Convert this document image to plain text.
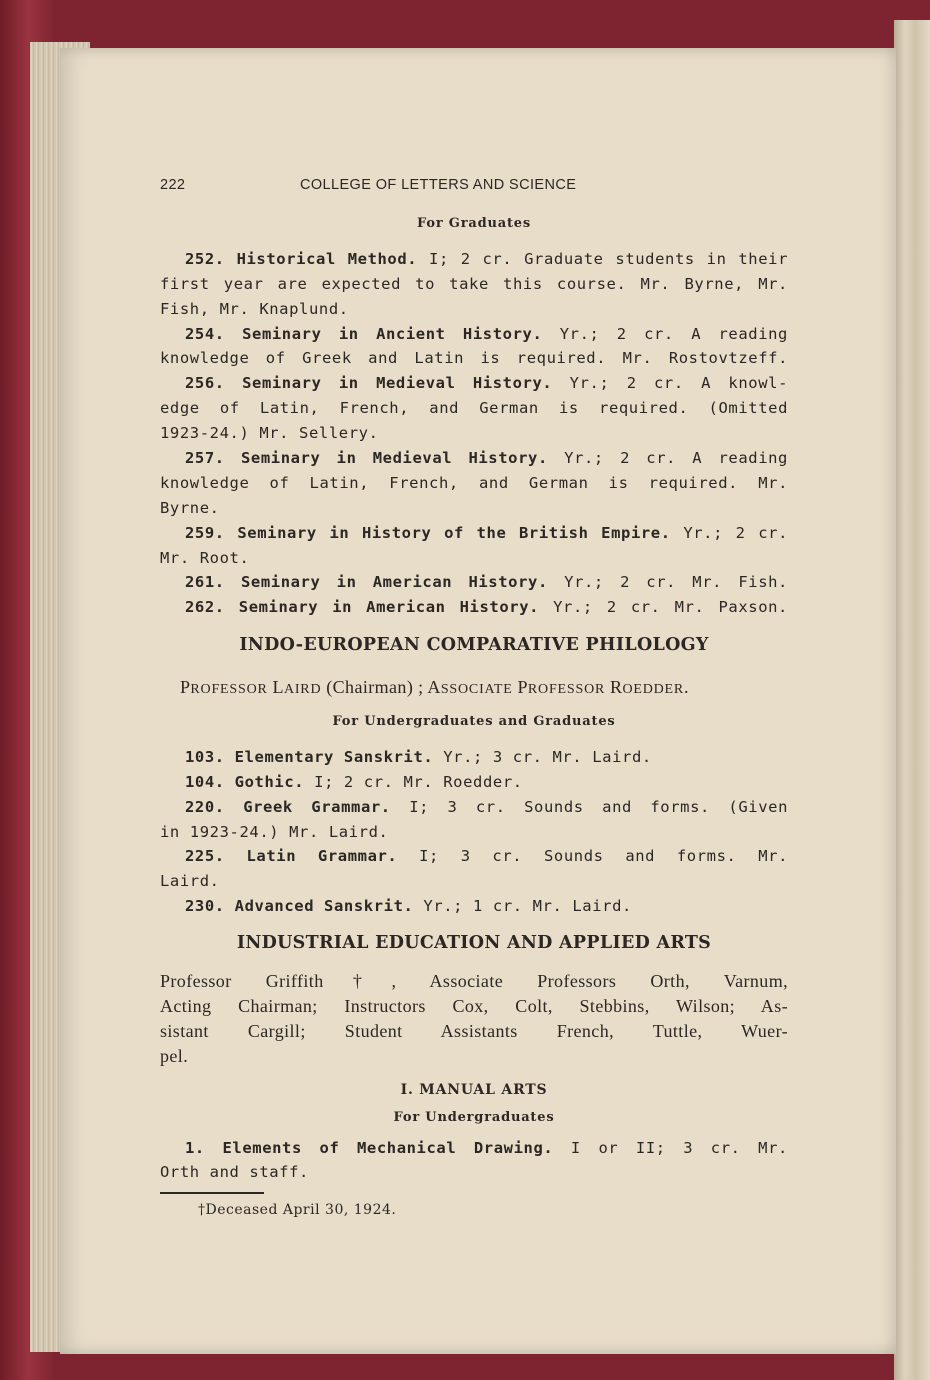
222	COLLEGE OF LETTERS AND SCIENCE
For Graduates
252. Historical Method. I; 2 cr. Graduate students in their
first year are expected to take this course. Mr. Byrne, Mr.
Fish, Mr. Knaplund.
254. Seminary in Ancient History. Yr.; 2 cr. A reading
knowledge of Greek and Latin is required. Mr. Rostovtzeff.
256. Seminary in Medieval History. Yr.; 2 cr. A knowl-
edge of Latin, French, and German is required. (Omitted
1923-24.) Mr. Sellery.
257. Seminary in Medieval History. Yr.; 2 cr. A reading
knowledge of Latin, French, and German is required. Mr.
Byrne.
259. Seminary in History of the British Empire. Yr.; 2 cr.
Mr. Root.
261. Seminary in American History. Yr.; 2 cr. Mr. Fish.
262. Seminary in American History. Yr.; 2 cr. Mr. Paxson.
INDO-EUROPEAN COMPARATIVE PHILOLOGY
PROFESSOR LAIRD (Chairman) ; ASSOCIATE PROFESSOR ROEDDER.
For Undergraduates and Graduates
103. Elementary Sanskrit. Yr.; 3 cr. Mr. Laird.
104. Gothic. I; 2 cr. Mr. Roedder.
220. Greek Grammar. I; 3 cr. Sounds and forms. (Given
in 1923-24.) Mr. Laird.
225. Latin Grammar. I; 3 cr. Sounds and forms. Mr.
Laird.
230. Advanced Sanskrit. Yr.; 1 cr. Mr. Laird.
INDUSTRIAL EDUCATION AND APPLIED ARTS
Professor Griffith†, Associate Professors Orth, Varnum,
Acting Chairman; Instructors Cox, Colt, Stebbins, Wilson; As-
sistant Cargill; Student Assistants French, Tuttle, Wuer-
pel.
I. MANUAL ARTS
For Undergraduates
1. Elements of Mechanical Drawing. I or II; 3 cr. Mr.
Orth and staff.
†Deceased April 30, 1924.
